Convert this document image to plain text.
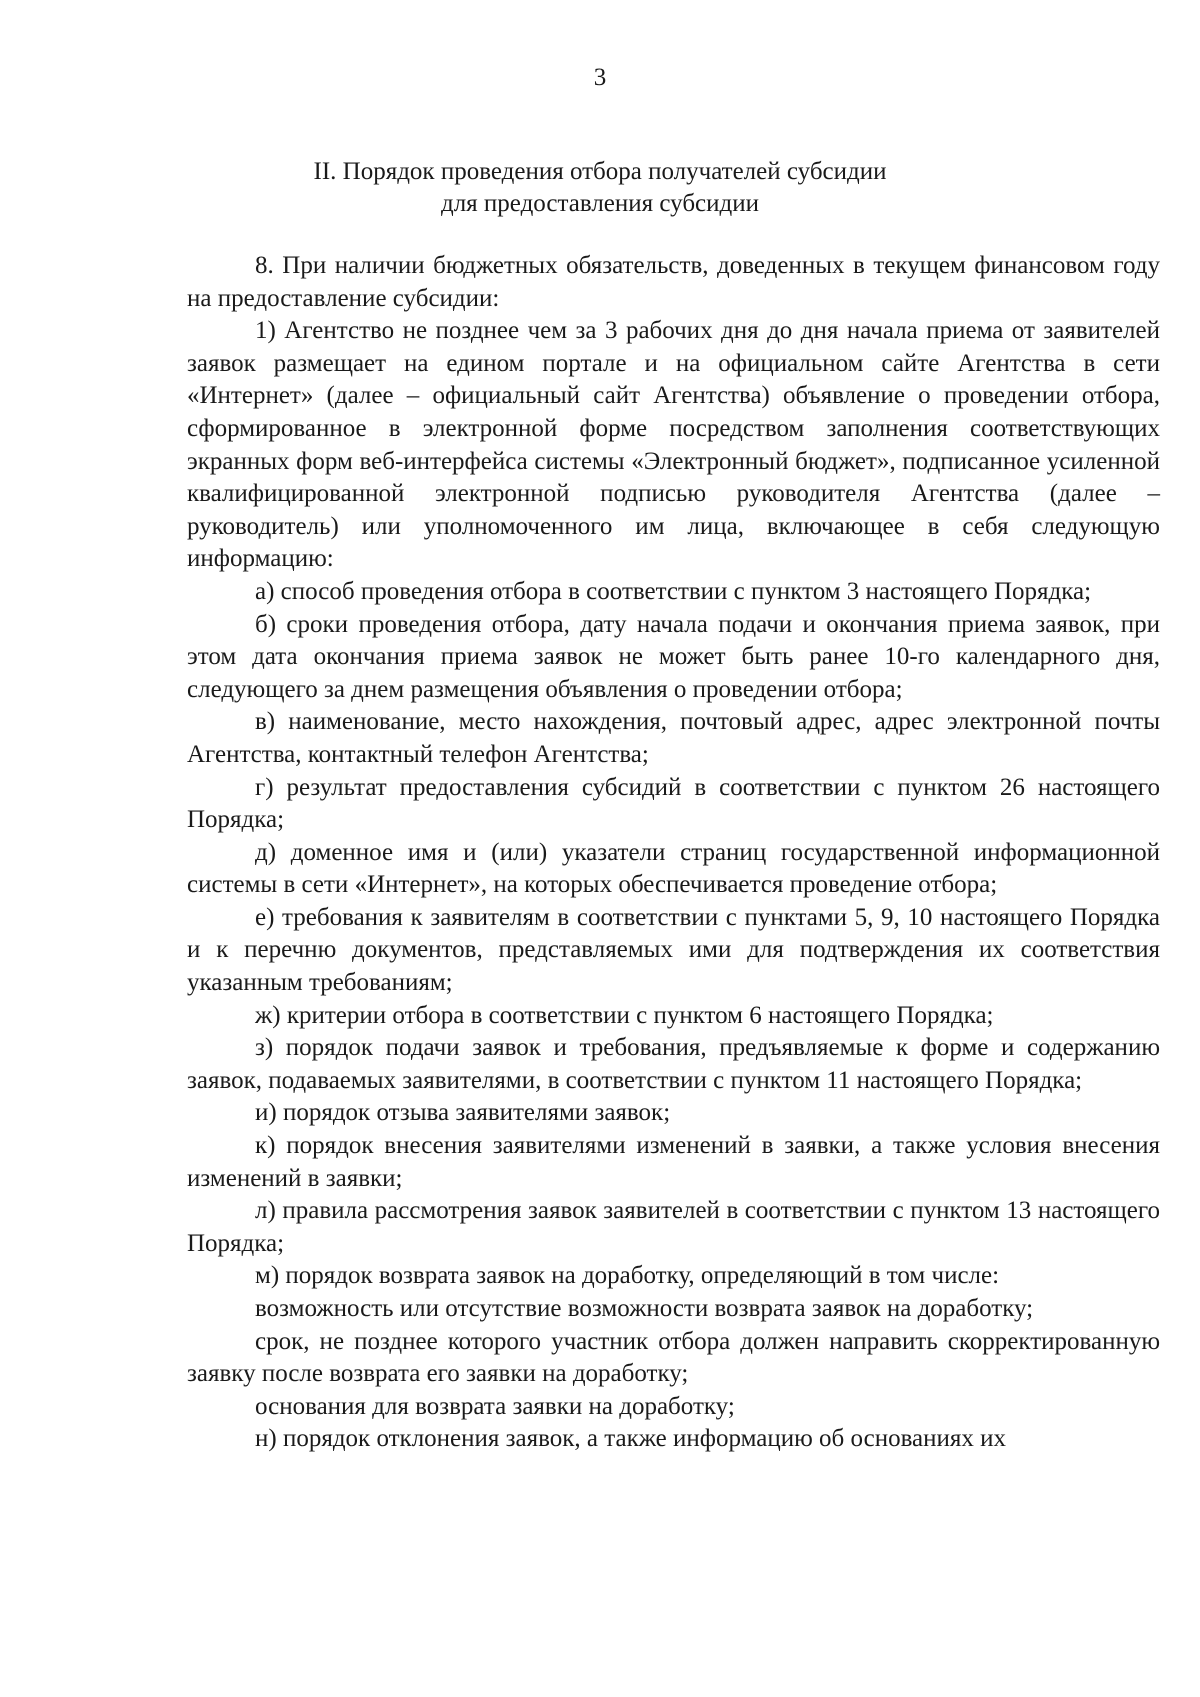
3
II. Порядок проведения отбора получателей субсидии
для предоставления субсидии

8. При наличии бюджетных обязательств, доведенных в текущем финансовом году на предоставление субсидии:

1) Агентство не позднее чем за 3 рабочих дня до дня начала приема от заявителей заявок размещает на едином портале и на официальном сайте Агентства в сети «Интернет» (далее – официальный сайт Агентства) объявление о проведении отбора, сформированное в электронной форме посредством заполнения соответствующих экранных форм веб-интерфейса системы «Электронный бюджет», подписанное усиленной квалифицированной электронной подписью руководителя Агентства (далее – руководитель) или уполномоченного им лица, включающее в себя следующую информацию:

а) способ проведения отбора в соответствии с пунктом 3 настоящего Порядка;

б) сроки проведения отбора, дату начала подачи и окончания приема заявок, при этом дата окончания приема заявок не может быть ранее 10-го календарного дня, следующего за днем размещения объявления о проведении отбора;

в) наименование, место нахождения, почтовый адрес, адрес электронной почты Агентства, контактный телефон Агентства;

г) результат предоставления субсидий в соответствии с пунктом 26 настоящего Порядка;

д) доменное имя и (или) указатели страниц государственной информационной системы в сети «Интернет», на которых обеспечивается проведение отбора;

е) требования к заявителям в соответствии с пунктами 5, 9, 10 настоящего Порядка и к перечню документов, представляемых ими для подтверждения их соответствия указанным требованиям;

ж) критерии отбора в соответствии с пунктом 6 настоящего Порядка;

з) порядок подачи заявок и требования, предъявляемые к форме и содержанию заявок, подаваемых заявителями, в соответствии с пунктом 11 настоящего Порядка;

и) порядок отзыва заявителями заявок;

к) порядок внесения заявителями изменений в заявки, а также условия внесения изменений в заявки;

л) правила рассмотрения заявок заявителей в соответствии с пунктом 13 настоящего Порядка;

м) порядок возврата заявок на доработку, определяющий в том числе:

возможность или отсутствие возможности возврата заявок на доработку;

срок, не позднее которого участник отбора должен направить скорректированную заявку после возврата его заявки на доработку;

основания для возврата заявки на доработку;

н) порядок отклонения заявок, а также информацию об основаниях их
